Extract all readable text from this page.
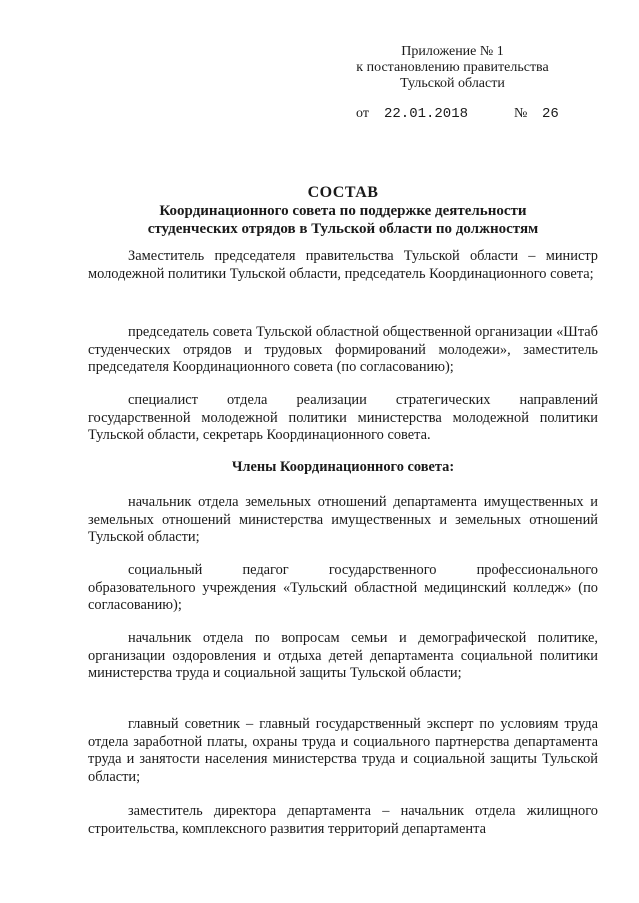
Приложение № 1
к постановлению правительства
Тульской области
от 22.01.2018	№ 26
СОСТАВ
Координационного совета по поддержке деятельности
студенческих отрядов в Тульской области по должностям
Заместитель председателя правительства Тульской области – министр молодежной политики Тульской области, председатель Координационного совета;
председатель совета Тульской областной общественной организации «Штаб студенческих отрядов и трудовых формирований молодежи», заместитель председателя Координационного совета (по согласованию);
специалист отдела реализации стратегических направлений государственной молодежной политики министерства молодежной политики Тульской области, секретарь Координационного совета.
Члены Координационного совета:
начальник отдела земельных отношений департамента имущественных и земельных отношений министерства имущественных и земельных отношений Тульской области;
социальный педагог государственного профессионального образовательного учреждения «Тульский областной медицинский колледж» (по согласованию);
начальник отдела по вопросам семьи и демографической политике, организации оздоровления и отдыха детей департамента социальной политики министерства труда и социальной защиты Тульской области;
главный советник – главный государственный эксперт по условиям труда отдела заработной платы, охраны труда и социального партнерства департамента труда и занятости населения министерства труда и социальной защиты Тульской области;
заместитель директора департамента – начальник отдела жилищного строительства, комплексного развития территорий департамента
